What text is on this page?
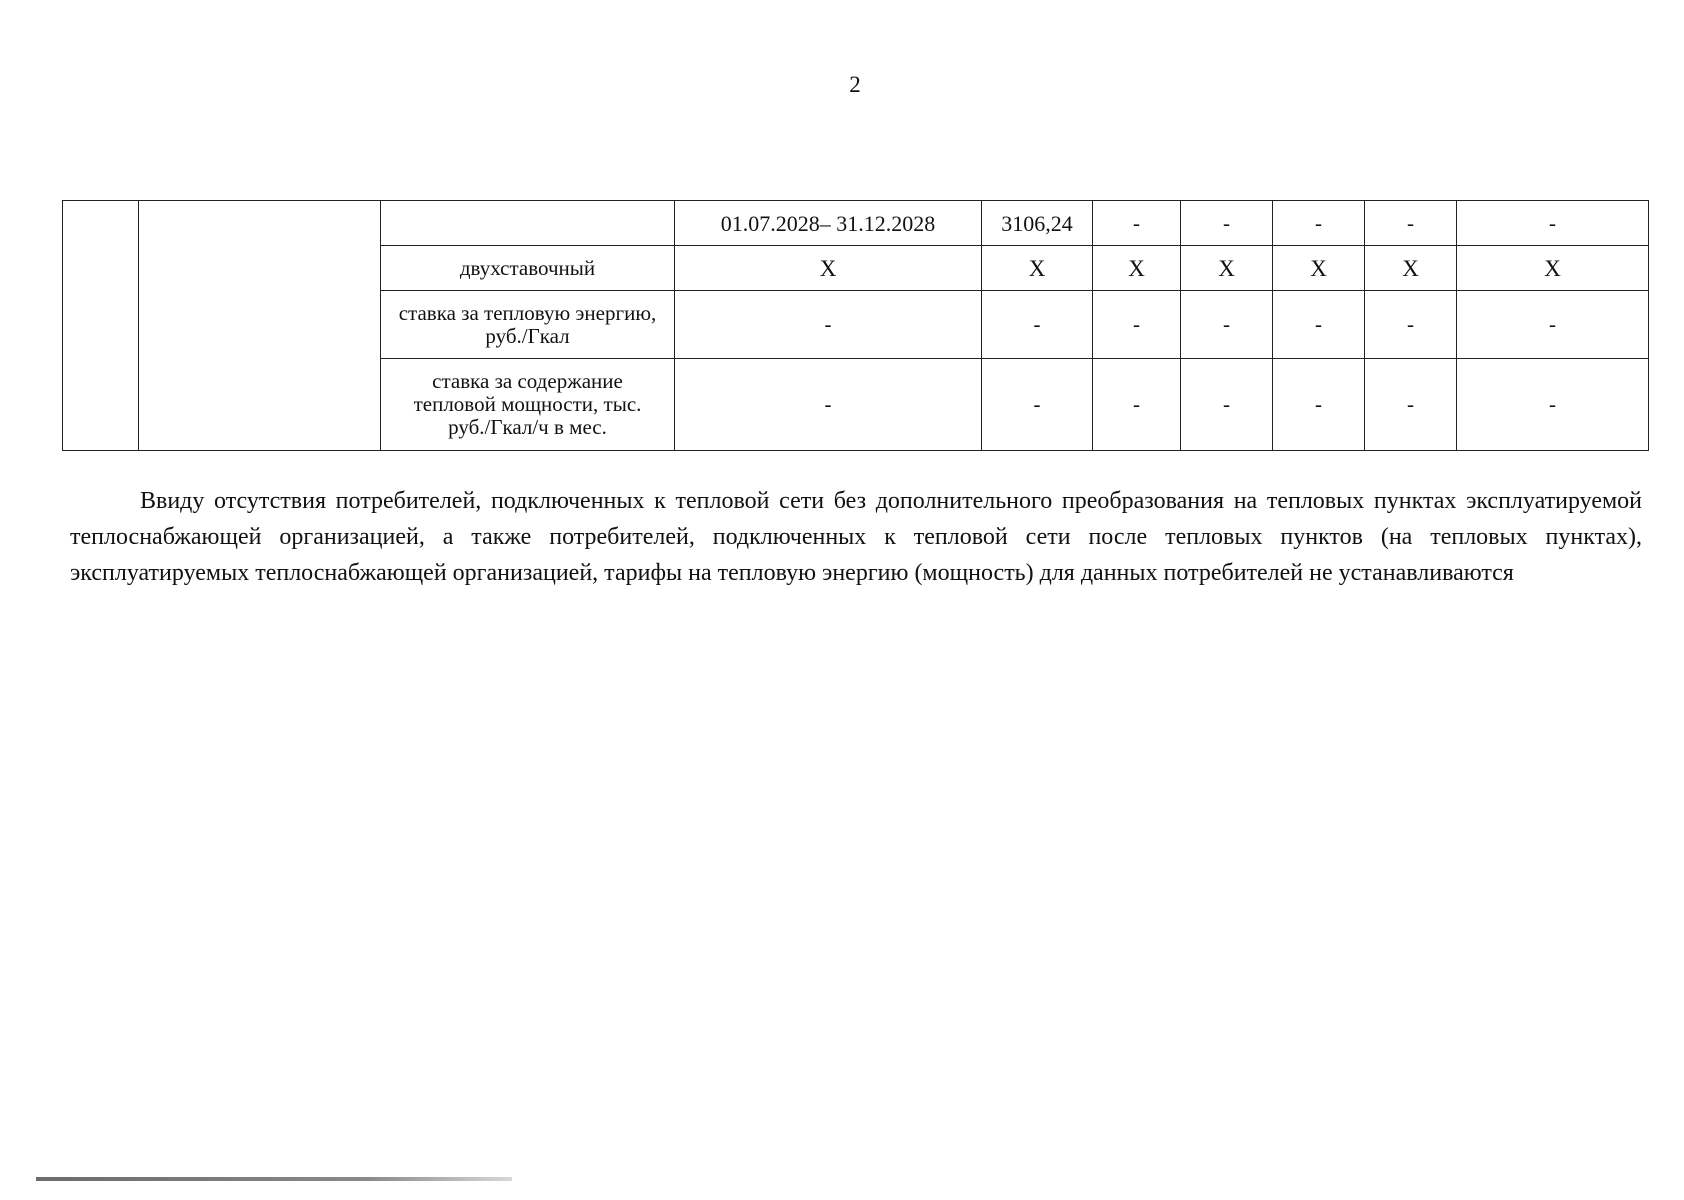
2
			01.07.2028– 31.12.2028	3106,24	-	-	-	-	-
		двухставочный	X	X	X	X	X	X	X
		ставка за тепловую энергию, руб./Гкал	-	-	-	-	-	-	-
		ставка за содержание тепловой мощности, тыс. руб./Гкал/ч в мес.	-	-	-	-	-	-	-

Ввиду отсутствия потребителей, подключенных к тепловой сети без дополнительного преобразования на тепловых пунктах эксплуатируемой теплоснабжающей организацией, а также потребителей, подключенных к тепловой сети после тепловых пунктов (на тепловых пунктах), эксплуатируемых теплоснабжающей организацией, тарифы на тепловую энергию (мощность) для данных потребителей не устанавливаются
